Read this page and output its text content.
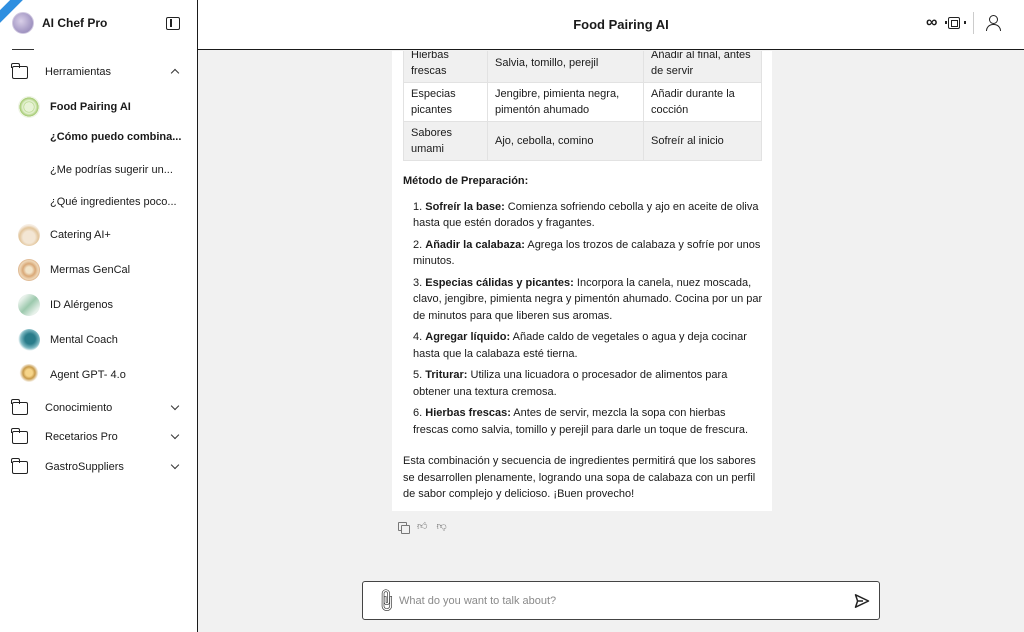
AI Chef Pro
Herramientas
Food Pairing AI
¿Cómo puedo combina...
¿Me podrías sugerir un...
¿Qué ingredientes poco...
Catering AI+
Mermas GenCal
ID Alérgenos
Mental Coach
Agent GPT- 4.o
Conocimiento
Recetarios Pro
GastroSuppliers
Food Pairing AI	∞
Hierbas frescas	Salvia, tomillo, perejil	Añadir al final, antes de servir
Especias picantes	Jengibre, pimienta negra, pimentón ahumado	Añadir durante la cocción
Sabores umami	Ajo, cebolla, comino	Sofreír al inicio

Método de Preparación:

1. Sofreír la base: Comienza sofriendo cebolla y ajo en aceite de oliva hasta que estén dorados y fragantes.
2. Añadir la calabaza: Agrega los trozos de calabaza y sofríe por unos minutos.
3. Especias cálidas y picantes: Incorpora la canela, nuez moscada, clavo, jengibre, pimienta negra y pimentón ahumado. Cocina por un par de minutos para que liberen sus aromas.
4. Agregar líquido: Añade caldo de vegetales o agua y deja cocinar hasta que la calabaza esté tierna.
5. Triturar: Utiliza una licuadora o procesador de alimentos para obtener una textura cremosa.
6. Hierbas frescas: Antes de servir, mezcla la sopa con hierbas frescas como salvia, tomillo y perejil para darle un toque de frescura.

Esta combinación y secuencia de ingredientes permitirá que los sabores se desarrollen plenamente, logrando una sopa de calabaza con un perfil de sabor complejo y delicioso. ¡Buen provecho!

👍︎ 👎︎
📎︎
What do you want to talk about?
